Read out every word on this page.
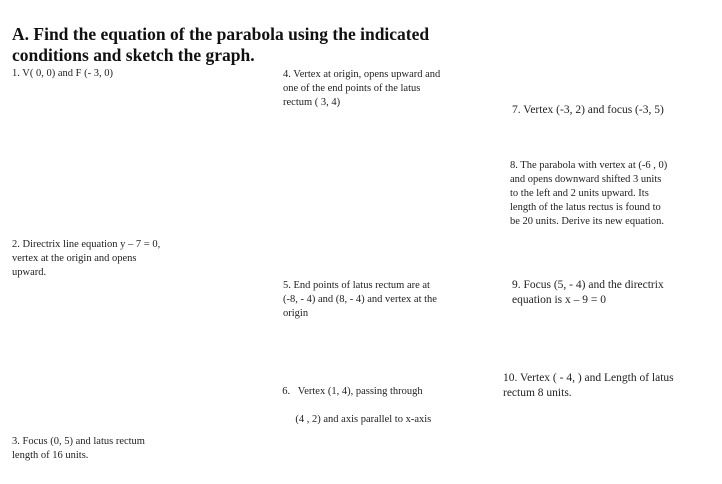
A. Find the equation of the parabola using the indicated
conditions and sketch the graph.
1. V( 0, 0) and F (- 3, 0)
2. Directrix line equation y – 7 = 0,
vertex at the origin and opens
upward.
3. Focus (0, 5) and latus rectum
length of 16 units.
4. Vertex at origin, opens upward and
one of the end points of the latus
rectum ( 3, 4)
5. End points of latus rectum are at
(-8, - 4) and (8, - 4) and vertex at the
origin

6.   Vertex (1, 4), passing through

(4 , 2) and axis parallel to x-axis

7. Vertex (-3, 2) and focus (-3, 5)
8. The parabola with vertex at (-6 , 0)
and opens downward shifted 3 units
to the left and 2 units upward. Its
length of the latus rectus is found to
be 20 units. Derive its new equation.
9. Focus (5, - 4) and the directrix
equation is x – 9 = 0
10. Vertex ( - 4, ) and Length of latus
rectum 8 units.
